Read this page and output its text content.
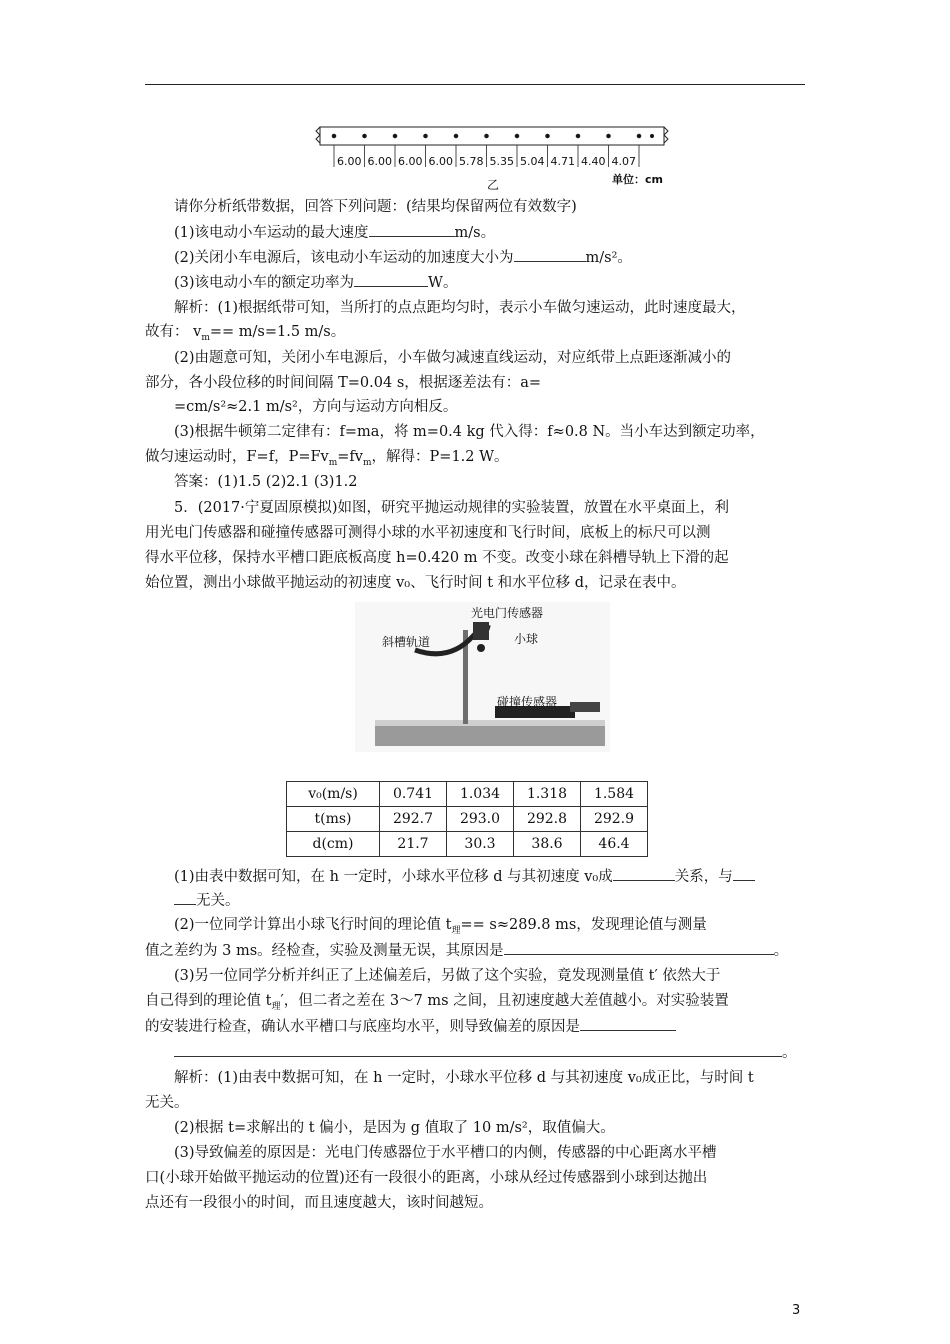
6.00 6.00 6.00 6.00 5.78 5.35 5.04 4.71 4.40 4.07
乙	单位：cm
请你分析纸带数据，回答下列问题：(结果均保留两位有效数字)
(1)该电动小车运动的最大速度	m/s。
(2)关闭小车电源后，该电动小车运动的加速度大小为	m/s²。
(3)该电动小车的额定功率为	W。
解析：(1)根据纸带可知，当所打的点点距均匀时，表示小车做匀速运动，此时速度最大，
故有： $v_m== m/s=1.5$ m/s。
(2)由题意可知，关闭小车电源后，小车做匀减速直线运动，对应纸带上点距逐渐减小的
部分，各小段位移的时间间隔 T=0.04 s，根据逐差法有：a=
=cm/s²≈2.1 m/s²，方向与运动方向相反。
(3)根据牛顿第二定律有：f=ma，将 m=0.4 kg 代入得：f≈0.8 N。当小车达到额定功率，
做匀速运动时，F=f，$P=Fv_m=fv_m$，解得：P=1.2 W。
答案：(1)1.5 (2)2.1 (3)1.2
5．(2017·宁夏固原模拟)如图，研究平抛运动规律的实验装置，放置在水平桌面上，利
用光电门传感器和碰撞传感器可测得小球的水平初速度和飞行时间，底板上的标尺可以测
得水平位移，保持水平槽口距底板高度 h=0.420 m 不变。改变小球在斜槽导轨上下滑的起
始位置，测出小球做平抛运动的初速度 v₀、飞行时间 t 和水平位移 d，记录在表中。
光电门传感器
斜槽轨道	小球
碰撞传感器
v₀(m/s)	0.741	1.034	1.318	1.584
t(ms)	292.7	293.0	292.8	292.9
d(cm)	21.7	30.3	38.6	46.4
(1)由表中数据可知，在 h 一定时，小球水平位移 d 与其初速度 v₀成	关系，与
无关。
(2)一位同学计算出小球飞行时间的理论值 $t_理== s\approx 289.8$ ms，发现理论值与测量
值之差约为 3 ms。经检查，实验及测量无误，其原因是	。
(3)另一位同学分析并纠正了上述偏差后，另做了这个实验，竟发现测量值 t′ 依然大于
自己得到的理论值 $t_理'$，但二者之差在 3～7 ms 之间，且初速度越大差值越小。对实验装置
的安装进行检查，确认水平槽口与底座均水平，则导致偏差的原因是
。
解析：(1)由表中数据可知，在 h 一定时，小球水平位移 d 与其初速度 v₀成正比，与时间 t
无关。
(2)根据 t=求解出的 t 偏小，是因为 g 值取了 10 m/s²，取值偏大。
(3)导致偏差的原因是：光电门传感器位于水平槽口的内侧，传感器的中心距离水平槽
口(小球开始做平抛运动的位置)还有一段很小的距离，小球从经过传感器到小球到达抛出
点还有一段很小的时间，而且速度越大，该时间越短。
3
